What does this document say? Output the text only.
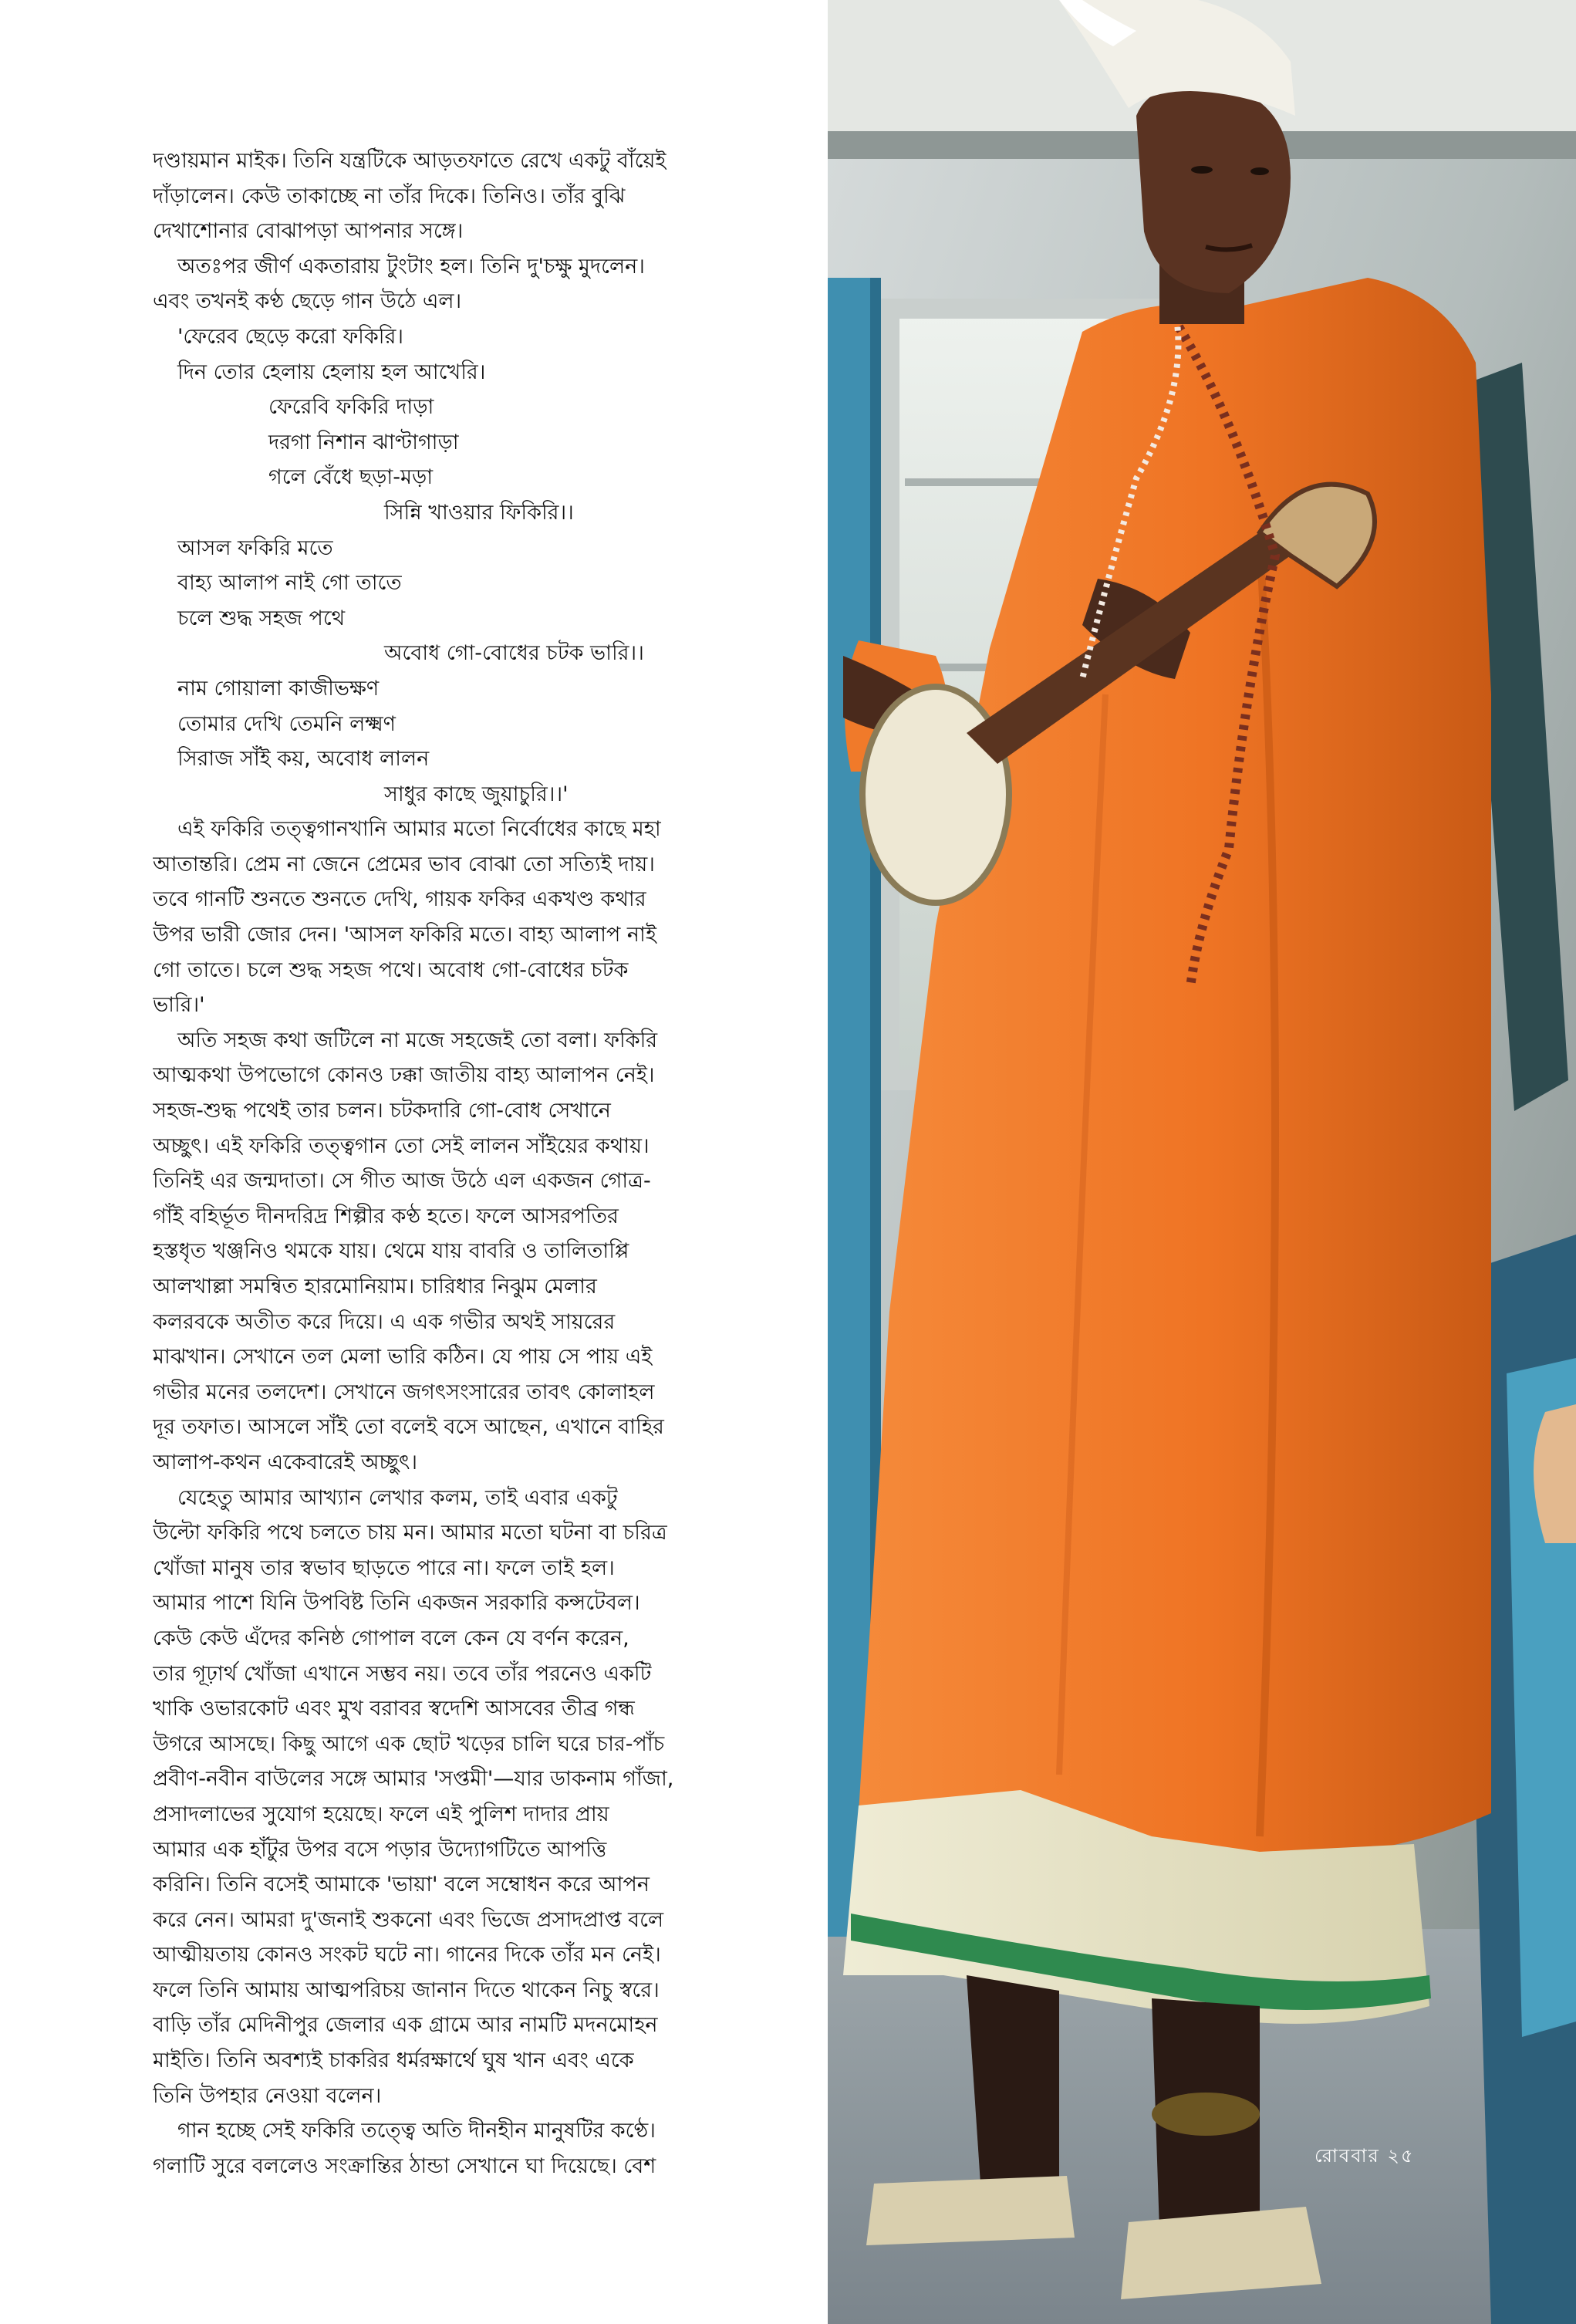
দণ্ডায়মান মাইক। তিনি যন্ত্রটিকে আড়তফাতে রেখে একটু বাঁয়েই
দাঁড়ালেন। কেউ তাকাচ্ছে না তাঁর দিকে। তিনিও। তাঁর বুঝি
দেখাশোনার বোঝাপড়া আপনার সঙ্গে।
অতঃপর জীর্ণ একতারায় টুংটাং হল। তিনি দু'চক্ষু মুদলেন।
এবং তখনই কণ্ঠ ছেড়ে গান উঠে এল।
'ফেরেব ছেড়ে করো ফকিরি।
দিন তোর হেলায় হেলায় হল আখেরি।
ফেরেবি ফকিরি দাড়া
দরগা নিশান ঝাণ্টাগাড়া
গলে বেঁধে ছড়া-মড়া
সিন্নি খাওয়ার ফিকিরি।।
আসল ফকিরি মতে
বাহ্য আলাপ নাই গো তাতে
চলে শুদ্ধ সহজ পথে
অবোধ গো-বোধের চটক ভারি।।
নাম গোয়ালা কাজীভক্ষণ
তোমার দেখি তেমনি লক্ষ্মণ
সিরাজ সাঁই কয়, অবোধ লালন
সাধুর কাছে জুয়াচুরি।।'
এই ফকিরি তত্ত্বগানখানি আমার মতো নির্বোধের কাছে মহা
আতান্তরি। প্রেম না জেনে প্রেমের ভাব বোঝা তো সত্যিই দায়।
তবে গানটি শুনতে শুনতে দেখি, গায়ক ফকির একখণ্ড কথার
উপর ভারী জোর দেন। 'আসল ফকিরি মতে। বাহ্য আলাপ নাই
গো তাতে। চলে শুদ্ধ সহজ পথে। অবোধ গো-বোধের চটক
ভারি।'
অতি সহজ কথা জটিলে না মজে সহজেই তো বলা। ফকিরি
আত্মকথা উপভোগে কোনও ঢক্কা জাতীয় বাহ্য আলাপন নেই।
সহজ-শুদ্ধ পথেই তার চলন। চটকদারি গো-বোধ সেখানে
অচ্ছুৎ। এই ফকিরি তত্ত্বগান তো সেই লালন সাঁইয়ের কথায়।
তিনিই এর জন্মদাতা। সে গীত আজ উঠে এল একজন গোত্র-
গাঁই বহির্ভূত দীনদরিদ্র শিল্পীর কণ্ঠ হতে। ফলে আসরপতির
হস্তধৃত খঞ্জনিও থমকে যায়। থেমে যায় বাবরি ও তালিতাপ্পি
আলখাল্লা সমন্বিত হারমোনিয়াম। চারিধার নিঝুম মেলার
কলরবকে অতীত করে দিয়ে। এ এক গভীর অথই সায়রের
মাঝখান। সেখানে তল মেলা ভারি কঠিন। যে পায় সে পায় এই
গভীর মনের তলদেশ। সেখানে জগৎসংসারের তাবৎ কোলাহল
দূর তফাত। আসলে সাঁই তো বলেই বসে আছেন, এখানে বাহির
আলাপ-কথন একেবারেই অচ্ছুৎ।
যেহেতু আমার আখ্যান লেখার কলম, তাই এবার একটু
উল্টো ফকিরি পথে চলতে চায় মন। আমার মতো ঘটনা বা চরিত্র
খোঁজা মানুষ তার স্বভাব ছাড়তে পারে না। ফলে তাই হল।
আমার পাশে যিনি উপবিষ্ট তিনি একজন সরকারি কন্সটেবল।
কেউ কেউ এঁদের কনিষ্ঠ গোপাল বলে কেন যে বর্ণন করেন,
তার গূঢ়ার্থ খোঁজা এখানে সম্ভব নয়। তবে তাঁর পরনেও একটি
খাকি ওভারকোট এবং মুখ বরাবর স্বদেশি আসবের তীব্র গন্ধ
উগরে আসছে। কিছু আগে এক ছোট খড়ের চালি ঘরে চার-পাঁচ
প্রবীণ-নবীন বাউলের সঙ্গে আমার 'সপ্তমী'—যার ডাকনাম গাঁজা,
প্রসাদলাভের সুযোগ হয়েছে। ফলে এই পুলিশ দাদার প্রায়
আমার এক হাঁটুর উপর বসে পড়ার উদ্যোগটিতে আপত্তি
করিনি। তিনি বসেই আমাকে 'ভায়া' বলে সম্বোধন করে আপন
করে নেন। আমরা দু'জনাই শুকনো এবং ভিজে প্রসাদপ্রাপ্ত বলে
আত্মীয়তায় কোনও সংকট ঘটে না। গানের দিকে তাঁর মন নেই।
ফলে তিনি আমায় আত্মপরিচয় জানান দিতে থাকেন নিচু স্বরে।
বাড়ি তাঁর মেদিনীপুর জেলার এক গ্রামে আর নামটি মদনমোহন
মাইতি। তিনি অবশ্যই চাকরির ধর্মরক্ষার্থে ঘুষ খান এবং একে
তিনি উপহার নেওয়া বলেন।
গান হচ্ছে সেই ফকিরি তত্ত্বে অতি দীনহীন মানুষটির কণ্ঠে।
গলাটি সুরে বললেও সংক্রান্তির ঠান্ডা সেখানে ঘা দিয়েছে। বেশ	রোববার ২৫
